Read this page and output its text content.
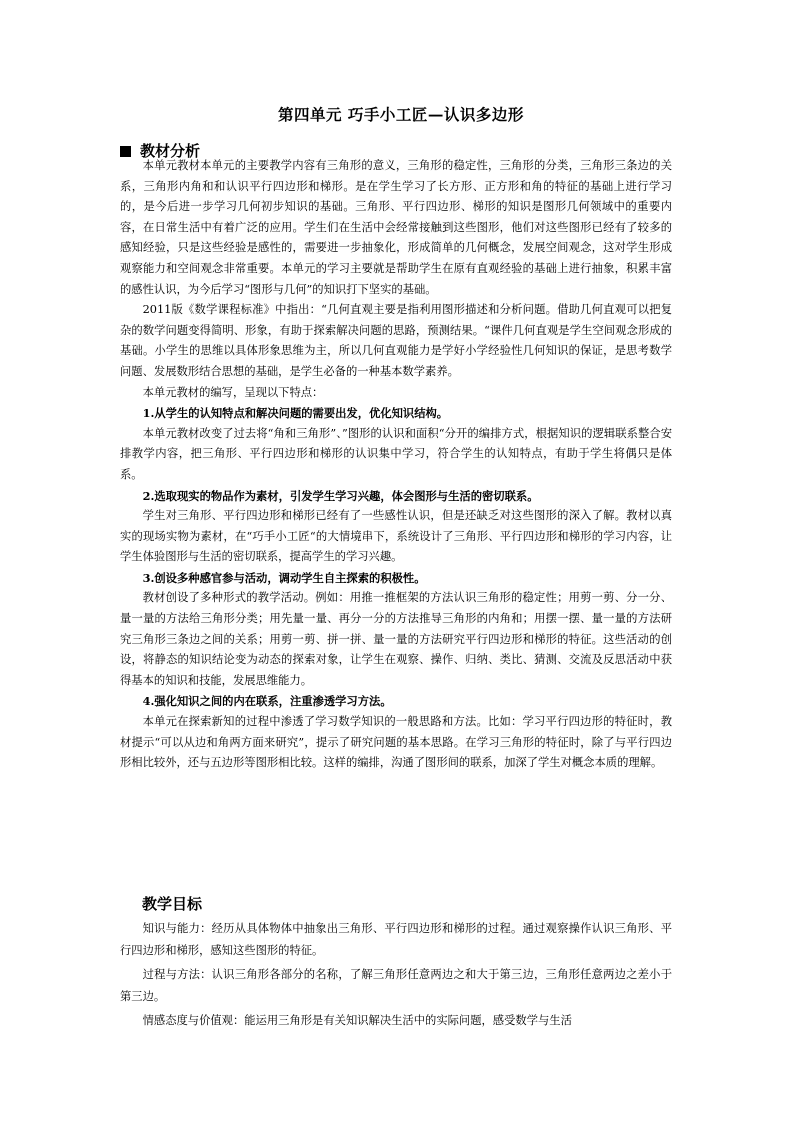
第四单元 巧手小工匠—认识多边形
教材分析

本单元教材本单元的主要教学内容有三角形的意义，三角形的稳定性，三角形的分类，三角形三条边的关系，三角形内角和和认识平行四边形和梯形。是在学生学习了长方形、正方形和角的特征的基础上进行学习的，是今后进一步学习几何初步知识的基础。三角形、平行四边形、梯形的知识是图形几何领域中的重要内容，在日常生活中有着广泛的应用。学生们在生活中会经常接触到这些图形，他们对这些图形已经有了较多的感知经验，只是这些经验是感性的，需要进一步抽象化，形成简单的几何概念，发展空间观念，这对学生形成观察能力和空间观念非常重要。本单元的学习主要就是帮助学生在原有直观经验的基础上进行抽象，积累丰富的感性认识，为今后学习“图形与几何”的知识打下坚实的基础。

2011版《数学课程标准》中指出：“几何直观主要是指利用图形描述和分析问题。借助几何直观可以把复杂的数学问题变得简明、形象，有助于探索解决问题的思路，预测结果。“课件几何直观是学生空间观念形成的基础。小学生的思维以具体形象思维为主，所以几何直观能力是学好小学经验性几何知识的保证，是思考数学问题、发展数形结合思想的基础，是学生必备的一种基本数学素养。

本单元教材的编写，呈现以下特点：

1.从学生的认知特点和解决问题的需要出发，优化知识结构。

本单元教材改变了过去将“角和三角形”、”图形的认识和面积“分开的编排方式，根据知识的逻辑联系整合安排教学内容，把三角形、平行四边形和梯形的认识集中学习，符合学生的认知特点，有助于学生将偶只是体系。

2.选取现实的物品作为素材，引发学生学习兴趣，体会图形与生活的密切联系。

学生对三角形、平行四边形和梯形已经有了一些感性认识，但是还缺乏对这些图形的深入了解。教材以真实的现场实物为素材，在“巧手小工匠“的大情境串下，系统设计了三角形、平行四边形和梯形的学习内容，让学生体验图形与生活的密切联系，提高学生的学习兴趣。

3.创设多种感官参与活动，调动学生自主探索的积极性。

教材创设了多种形式的教学活动。例如：用推一推框架的方法认识三角形的稳定性；用剪一剪、分一分、量一量的方法给三角形分类；用先量一量、再分一分的方法推导三角形的内角和；用摆一摆、量一量的方法研究三角形三条边之间的关系；用剪一剪、拼一拼、量一量的方法研究平行四边形和梯形的特征。这些活动的创设，将静态的知识结论变为动态的探索对象，让学生在观察、操作、归纳、类比、猜测、交流及反思活动中获得基本的知识和技能，发展思维能力。

4.强化知识之间的内在联系，注重渗透学习方法。

本单元在探索新知的过程中渗透了学习数学知识的一般思路和方法。比如：学习平行四边形的特征时，教材提示“可以从边和角两方面来研究”，提示了研究问题的基本思路。在学习三角形的特征时，除了与平行四边形相比较外，还与五边形等图形相比较。这样的编排，沟通了图形间的联系，加深了学生对概念本质的理解。

教学目标

知识与能力：经历从具体物体中抽象出三角形、平行四边形和梯形的过程。通过观察操作认识三角形、平行四边形和梯形，感知这些图形的特征。

过程与方法：认识三角形各部分的名称，了解三角形任意两边之和大于第三边，三角形任意两边之差小于第三边。

情感态度与价值观：能运用三角形是有关知识解决生活中的实际问题，感受数学与生活
